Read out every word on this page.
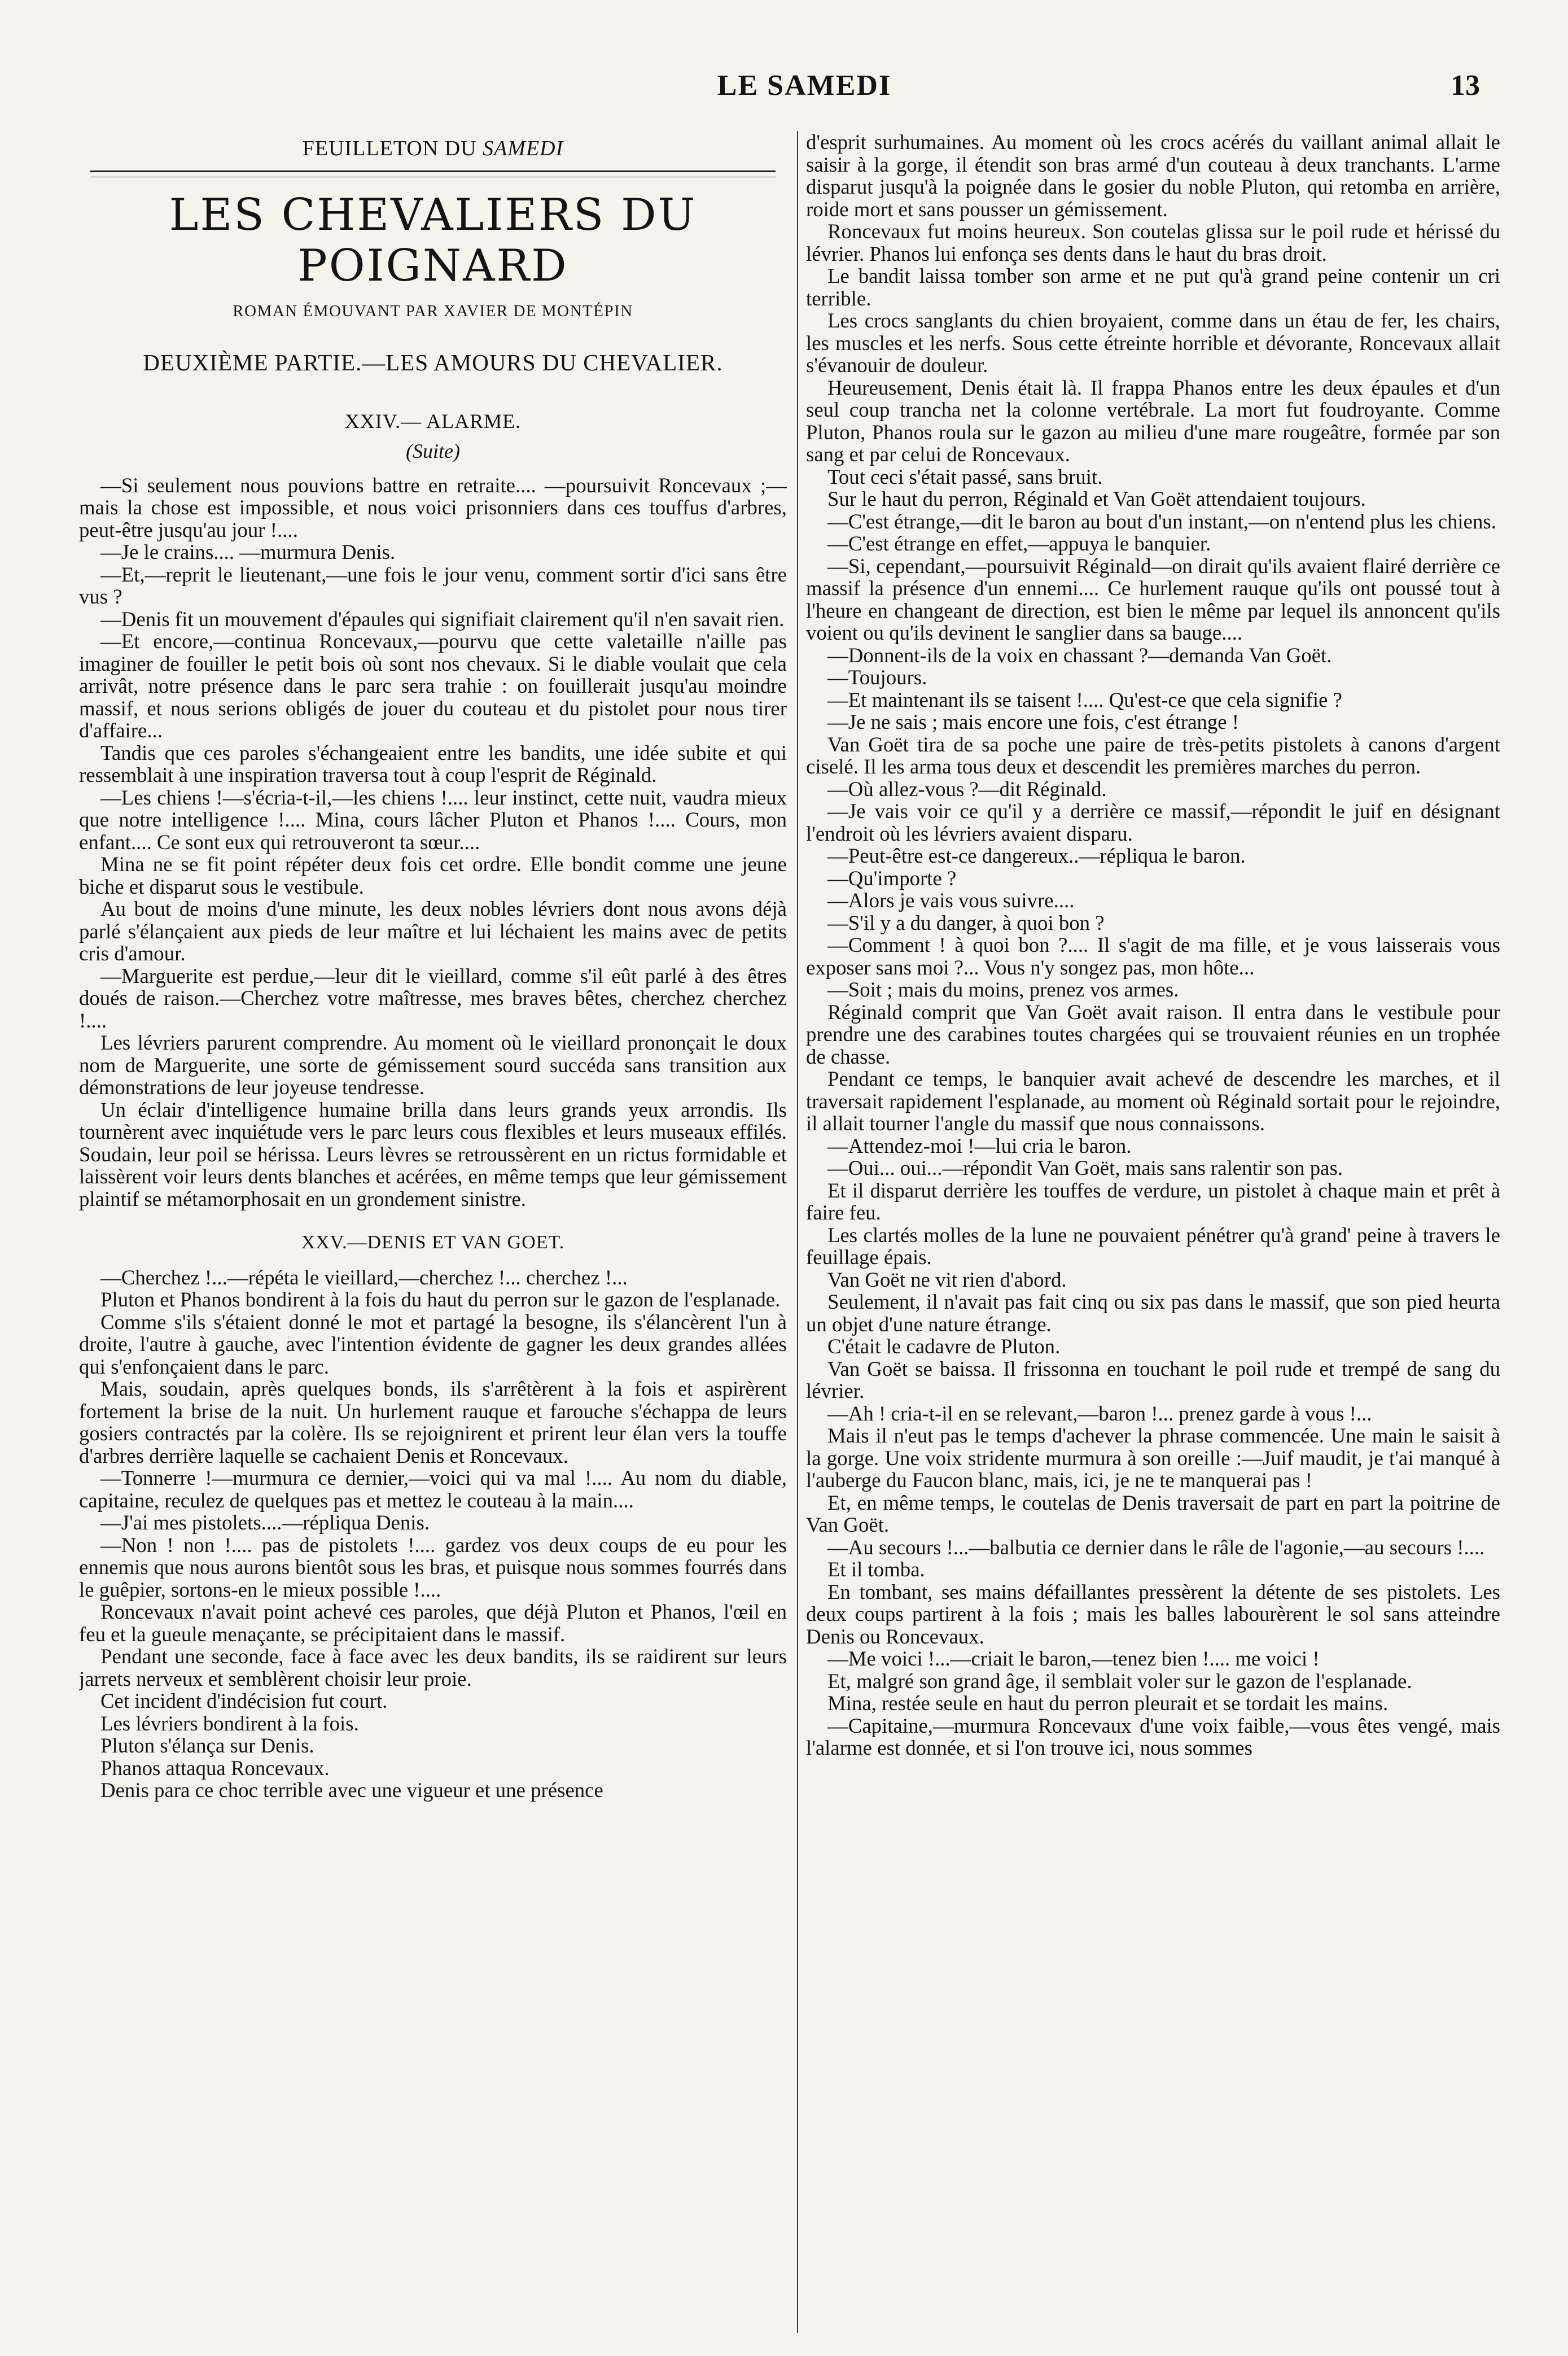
LE SAMEDI	13
FEUILLETON DU SAMEDI
LES CHEVALIERS DU POIGNARD
ROMAN ÉMOUVANT PAR XAVIER DE MONTÉPIN
DEUXIÈME PARTIE.—LES AMOURS DU CHEVALIER.
XXIV.— ALARME.
(Suite)

—Si seulement nous pouvions battre en retraite.... —poursuivit Roncevaux ;—mais la chose est impossible, et nous voici prisonniers dans ces touffus d'arbres, peut-être jusqu'au jour !....

—Je le crains.... —murmura Denis.

—Et,—reprit le lieutenant,—une fois le jour venu, comment sortir d'ici sans être vus ?

—Denis fit un mouvement d'épaules qui signifiait clairement qu'il n'en savait rien.

—Et encore,—continua Roncevaux,—pourvu que cette valetaille n'aille pas imaginer de fouiller le petit bois où sont nos chevaux. Si le diable voulait que cela arrivât, notre présence dans le parc sera trahie : on fouillerait jusqu'au moindre massif, et nous serions obligés de jouer du couteau et du pistolet pour nous tirer d'affaire...

Tandis que ces paroles s'échangeaient entre les bandits, une idée subite et qui ressemblait à une inspiration traversa tout à coup l'esprit de Réginald.

—Les chiens !—s'écria-t-il,—les chiens !.... leur instinct, cette nuit, vaudra mieux que notre intelligence !.... Mina, cours lâcher Pluton et Phanos !.... Cours, mon enfant.... Ce sont eux qui retrouveront ta sœur....

Mina ne se fit point répéter deux fois cet ordre. Elle bondit comme une jeune biche et disparut sous le vestibule.

Au bout de moins d'une minute, les deux nobles lévriers dont nous avons déjà parlé s'élançaient aux pieds de leur maître et lui léchaient les mains avec de petits cris d'amour.

—Marguerite est perdue,—leur dit le vieillard, comme s'il eût parlé à des êtres doués de raison.—Cherchez votre maîtresse, mes braves bêtes, cherchez cherchez !....

Les lévriers parurent comprendre. Au moment où le vieillard prononçait le doux nom de Marguerite, une sorte de gémissement sourd succéda sans transition aux démonstrations de leur joyeuse tendresse.

Un éclair d'intelligence humaine brilla dans leurs grands yeux arrondis. Ils tournèrent avec inquiétude vers le parc leurs cous flexibles et leurs museaux effilés. Soudain, leur poil se hérissa. Leurs lèvres se retroussèrent en un rictus formidable et laissèrent voir leurs dents blanches et acérées, en même temps que leur gémissement plaintif se métamorphosait en un grondement sinistre.

XXV.—DENIS ET VAN GOET.

—Cherchez !...—répéta le vieillard,—cherchez !... cherchez !...

Pluton et Phanos bondirent à la fois du haut du perron sur le gazon de l'esplanade.

Comme s'ils s'étaient donné le mot et partagé la besogne, ils s'élancèrent l'un à droite, l'autre à gauche, avec l'intention évidente de gagner les deux grandes allées qui s'enfonçaient dans le parc.

Mais, soudain, après quelques bonds, ils s'arrêtèrent à la fois et aspirèrent fortement la brise de la nuit. Un hurlement rauque et farouche s'échappa de leurs gosiers contractés par la colère. Ils se rejoignirent et prirent leur élan vers la touffe d'arbres derrière laquelle se cachaient Denis et Roncevaux.

—Tonnerre !—murmura ce dernier,—voici qui va mal !.... Au nom du diable, capitaine, reculez de quelques pas et mettez le couteau à la main....

—J'ai mes pistolets....—répliqua Denis.

—Non ! non !.... pas de pistolets !.... gardez vos deux coups de eu pour les ennemis que nous aurons bientôt sous les bras, et puisque nous sommes fourrés dans le guêpier, sortons-en le mieux possible !....

Roncevaux n'avait point achevé ces paroles, que déjà Pluton et Phanos, l'œil en feu et la gueule menaçante, se précipitaient dans le massif.

Pendant une seconde, face à face avec les deux bandits, ils se raidirent sur leurs jarrets nerveux et semblèrent choisir leur proie.

Cet incident d'indécision fut court.

Les lévriers bondirent à la fois.

Pluton s'élança sur Denis.

Phanos attaqua Roncevaux.

Denis para ce choc terrible avec une vigueur et une présence

d'esprit surhumaines. Au moment où les crocs acérés du vaillant animal allait le saisir à la gorge, il étendit son bras armé d'un couteau à deux tranchants. L'arme disparut jusqu'à la poignée dans le gosier du noble Pluton, qui retomba en arrière, roide mort et sans pousser un gémissement.

Roncevaux fut moins heureux. Son coutelas glissa sur le poil rude et hérissé du lévrier. Phanos lui enfonça ses dents dans le haut du bras droit.

Le bandit laissa tomber son arme et ne put qu'à grand peine contenir un cri terrible.

Les crocs sanglants du chien broyaient, comme dans un étau de fer, les chairs, les muscles et les nerfs. Sous cette étreinte horrible et dévorante, Roncevaux allait s'évanouir de douleur.

Heureusement, Denis était là. Il frappa Phanos entre les deux épaules et d'un seul coup trancha net la colonne vertébrale. La mort fut foudroyante. Comme Pluton, Phanos roula sur le gazon au milieu d'une mare rougeâtre, formée par son sang et par celui de Roncevaux.

Tout ceci s'était passé, sans bruit.

Sur le haut du perron, Réginald et Van Goët attendaient toujours.

—C'est étrange,—dit le baron au bout d'un instant,—on n'entend plus les chiens.

—C'est étrange en effet,—appuya le banquier.

—Si, cependant,—poursuivit Réginald—on dirait qu'ils avaient flairé derrière ce massif la présence d'un ennemi.... Ce hurlement rauque qu'ils ont poussé tout à l'heure en changeant de direction, est bien le même par lequel ils annoncent qu'ils voient ou qu'ils devinent le sanglier dans sa bauge....

—Donnent-ils de la voix en chassant ?—demanda Van Goët.

—Toujours.

—Et maintenant ils se taisent !.... Qu'est-ce que cela signifie ?

—Je ne sais ; mais encore une fois, c'est étrange !

Van Goët tira de sa poche une paire de très-petits pistolets à canons d'argent ciselé. Il les arma tous deux et descendit les premières marches du perron.

—Où allez-vous ?—dit Réginald.

—Je vais voir ce qu'il y a derrière ce massif,—répondit le juif en désignant l'endroit où les lévriers avaient disparu.

—Peut-être est-ce dangereux..—répliqua le baron.

—Qu'importe ?

—Alors je vais vous suivre....

—S'il y a du danger, à quoi bon ?

—Comment ! à quoi bon ?.... Il s'agit de ma fille, et je vous laisserais vous exposer sans moi ?... Vous n'y songez pas, mon hôte...

—Soit ; mais du moins, prenez vos armes.

Réginald comprit que Van Goët avait raison. Il entra dans le vestibule pour prendre une des carabines toutes chargées qui se trouvaient réunies en un trophée de chasse.

Pendant ce temps, le banquier avait achevé de descendre les marches, et il traversait rapidement l'esplanade, au moment où Réginald sortait pour le rejoindre, il allait tourner l'angle du massif que nous connaissons.

—Attendez-moi !—lui cria le baron.

—Oui... oui...—répondit Van Goët, mais sans ralentir son pas.

Et il disparut derrière les touffes de verdure, un pistolet à chaque main et prêt à faire feu.

Les clartés molles de la lune ne pouvaient pénétrer qu'à grand' peine à travers le feuillage épais.

Van Goët ne vit rien d'abord.

Seulement, il n'avait pas fait cinq ou six pas dans le massif, que son pied heurta un objet d'une nature étrange.

C'était le cadavre de Pluton.

Van Goët se baissa. Il frissonna en touchant le poil rude et trempé de sang du lévrier.

—Ah ! cria-t-il en se relevant,—baron !... prenez garde à vous !...

Mais il n'eut pas le temps d'achever la phrase commencée. Une main le saisit à la gorge. Une voix stridente murmura à son oreille :—Juif maudit, je t'ai manqué à l'auberge du Faucon blanc, mais, ici, je ne te manquerai pas !

Et, en même temps, le coutelas de Denis traversait de part en part la poitrine de Van Goët.

—Au secours !...—balbutia ce dernier dans le râle de l'agonie,—au secours !....

Et il tomba.

En tombant, ses mains défaillantes pressèrent la détente de ses pistolets. Les deux coups partirent à la fois ; mais les balles labourèrent le sol sans atteindre Denis ou Roncevaux.

—Me voici !...—criait le baron,—tenez bien !.... me voici !

Et, malgré son grand âge, il semblait voler sur le gazon de l'esplanade.

Mina, restée seule en haut du perron pleurait et se tordait les mains.

—Capitaine,—murmura Roncevaux d'une voix faible,—vous êtes vengé, mais l'alarme est donnée, et si l'on trouve ici, nous sommes
